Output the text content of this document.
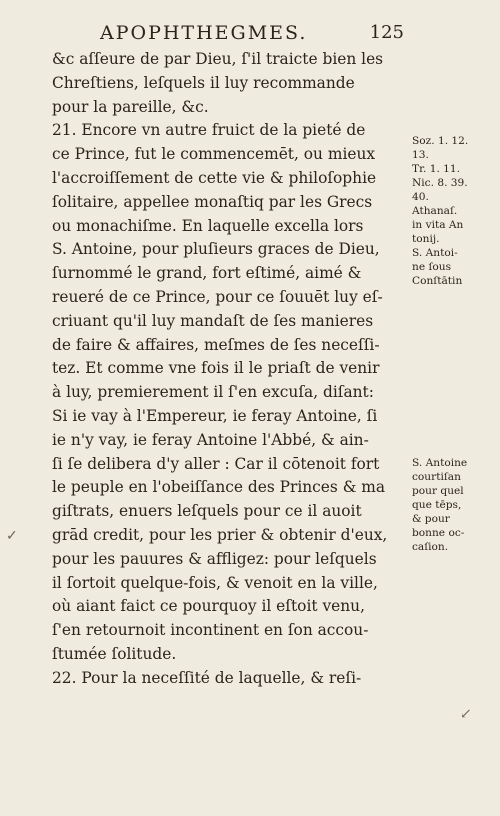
APOPHTHEGMES.	125
&c aſſeure de par Dieu, ſ'il traicte bien les
Chreſtiens, leſquels il luy recommande
pour la pareille, &c.
21. Encore vn autre fruict de la pieté de
ce Prince, fut le commencemēt, ou mieux
l'accroiſſement de cette vie & philoſophie
ſolitaire, appellee monaſtiq par les Grecs
ou monachiſme. En laquelle excella lors
S. Antoine, pour pluſieurs graces de Dieu,
ſurnommé le grand, fort eſtimé, aimé &
reueré de ce Prince, pour ce ſouuēt luy eſ-
criuant qu'il luy mandaſt de ſes manieres
de faire & affaires, meſmes de ſes neceſſi-
tez. Et comme vne fois il le priaſt de venir
à luy, premierement il ſ'en excuſa, diſant:
Si ie vay à l'Empereur, ie feray Antoine, ſi
ie n'y vay, ie feray Antoine l'Abbé, & ain-
ſi ſe delibera d'y aller : Car il cōtenoit fort
le peuple en l'obeiſſance des Princes & ma
giſtrats, enuers leſquels pour ce il auoit
grād credit, pour les prier & obtenir d'eux,
pour les pauures & affligez: pour leſquels
il ſortoit quelque-fois, & venoit en la ville,
où aiant faict ce pourquoy il eſtoit venu,
ſ'en retournoit incontinent en ſon accou-
ſtumée ſolitude.
22. Pour la neceſſité de laquelle, & reſi-
Soz. 1. 12.
13.
Tr. 1. 11.
Nic. 8. 39.
40.
Athanaſ.
in vita An
tonij.
S. Antoi-
ne ſous
Conſtātin
S. Antoine
courtiſan
pour quel
que tēps,
& pour
bonne oc-
caſion.
✓
↙
